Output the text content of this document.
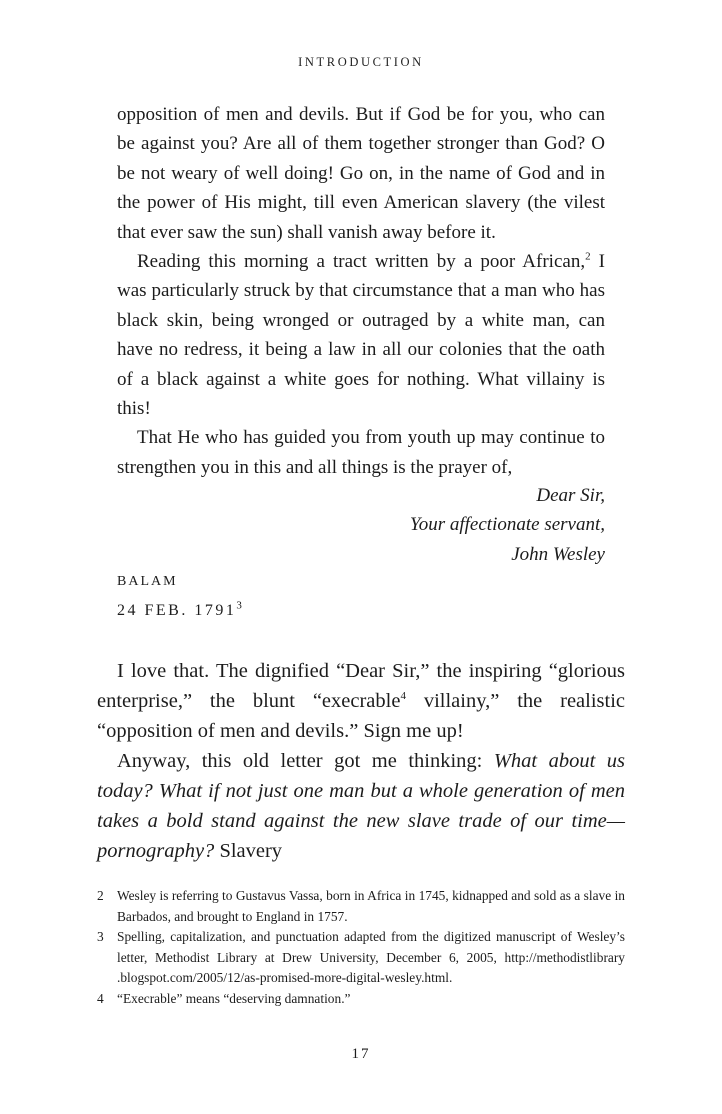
INTRODUCTION

opposition of men and devils. But if God be for you, who can be against you? Are all of them together stronger than God? O be not weary of well doing! Go on, in the name of God and in the power of His might, till even American slavery (the vilest that ever saw the sun) shall vanish away before it.

Reading this morning a tract written by a poor African,$^2$ I was particularly struck by that circumstance that a man who has black skin, being wronged or outraged by a white man, can have no redress, it being a law in all our colonies that the oath of a black against a white goes for nothing. What villainy is this!

That He who has guided you from youth up may continue to strengthen you in this and all things is the prayer of,

Dear Sir,
Your affectionate servant,
John Wesley
BALAM
24 FEB. 1791$^3$

I love that. The dignified “Dear Sir,” the inspiring “glorious enterprise,” the blunt “execrable$^4$ villainy,” the realistic “opposition of men and devils.” Sign me up!

Anyway, this old letter got me thinking: What about us today? What if not just one man but a whole generation of men takes a bold stand against the new slave trade of our time—pornography? Slavery

2 Wesley is referring to Gustavus Vassa, born in Africa in 1745, kidnapped and sold as a slave in Barbados, and brought to England in 1757.
3 Spelling, capitalization, and punctuation adapted from the digitized manuscript of Wesley’s letter, Methodist Library at Drew University, December 6, 2005, http://methodistlibrary .blogspot.com/2005/12/as-promised-more-digital-wesley.html.
4 “Execrable” means “deserving damnation.”
17
